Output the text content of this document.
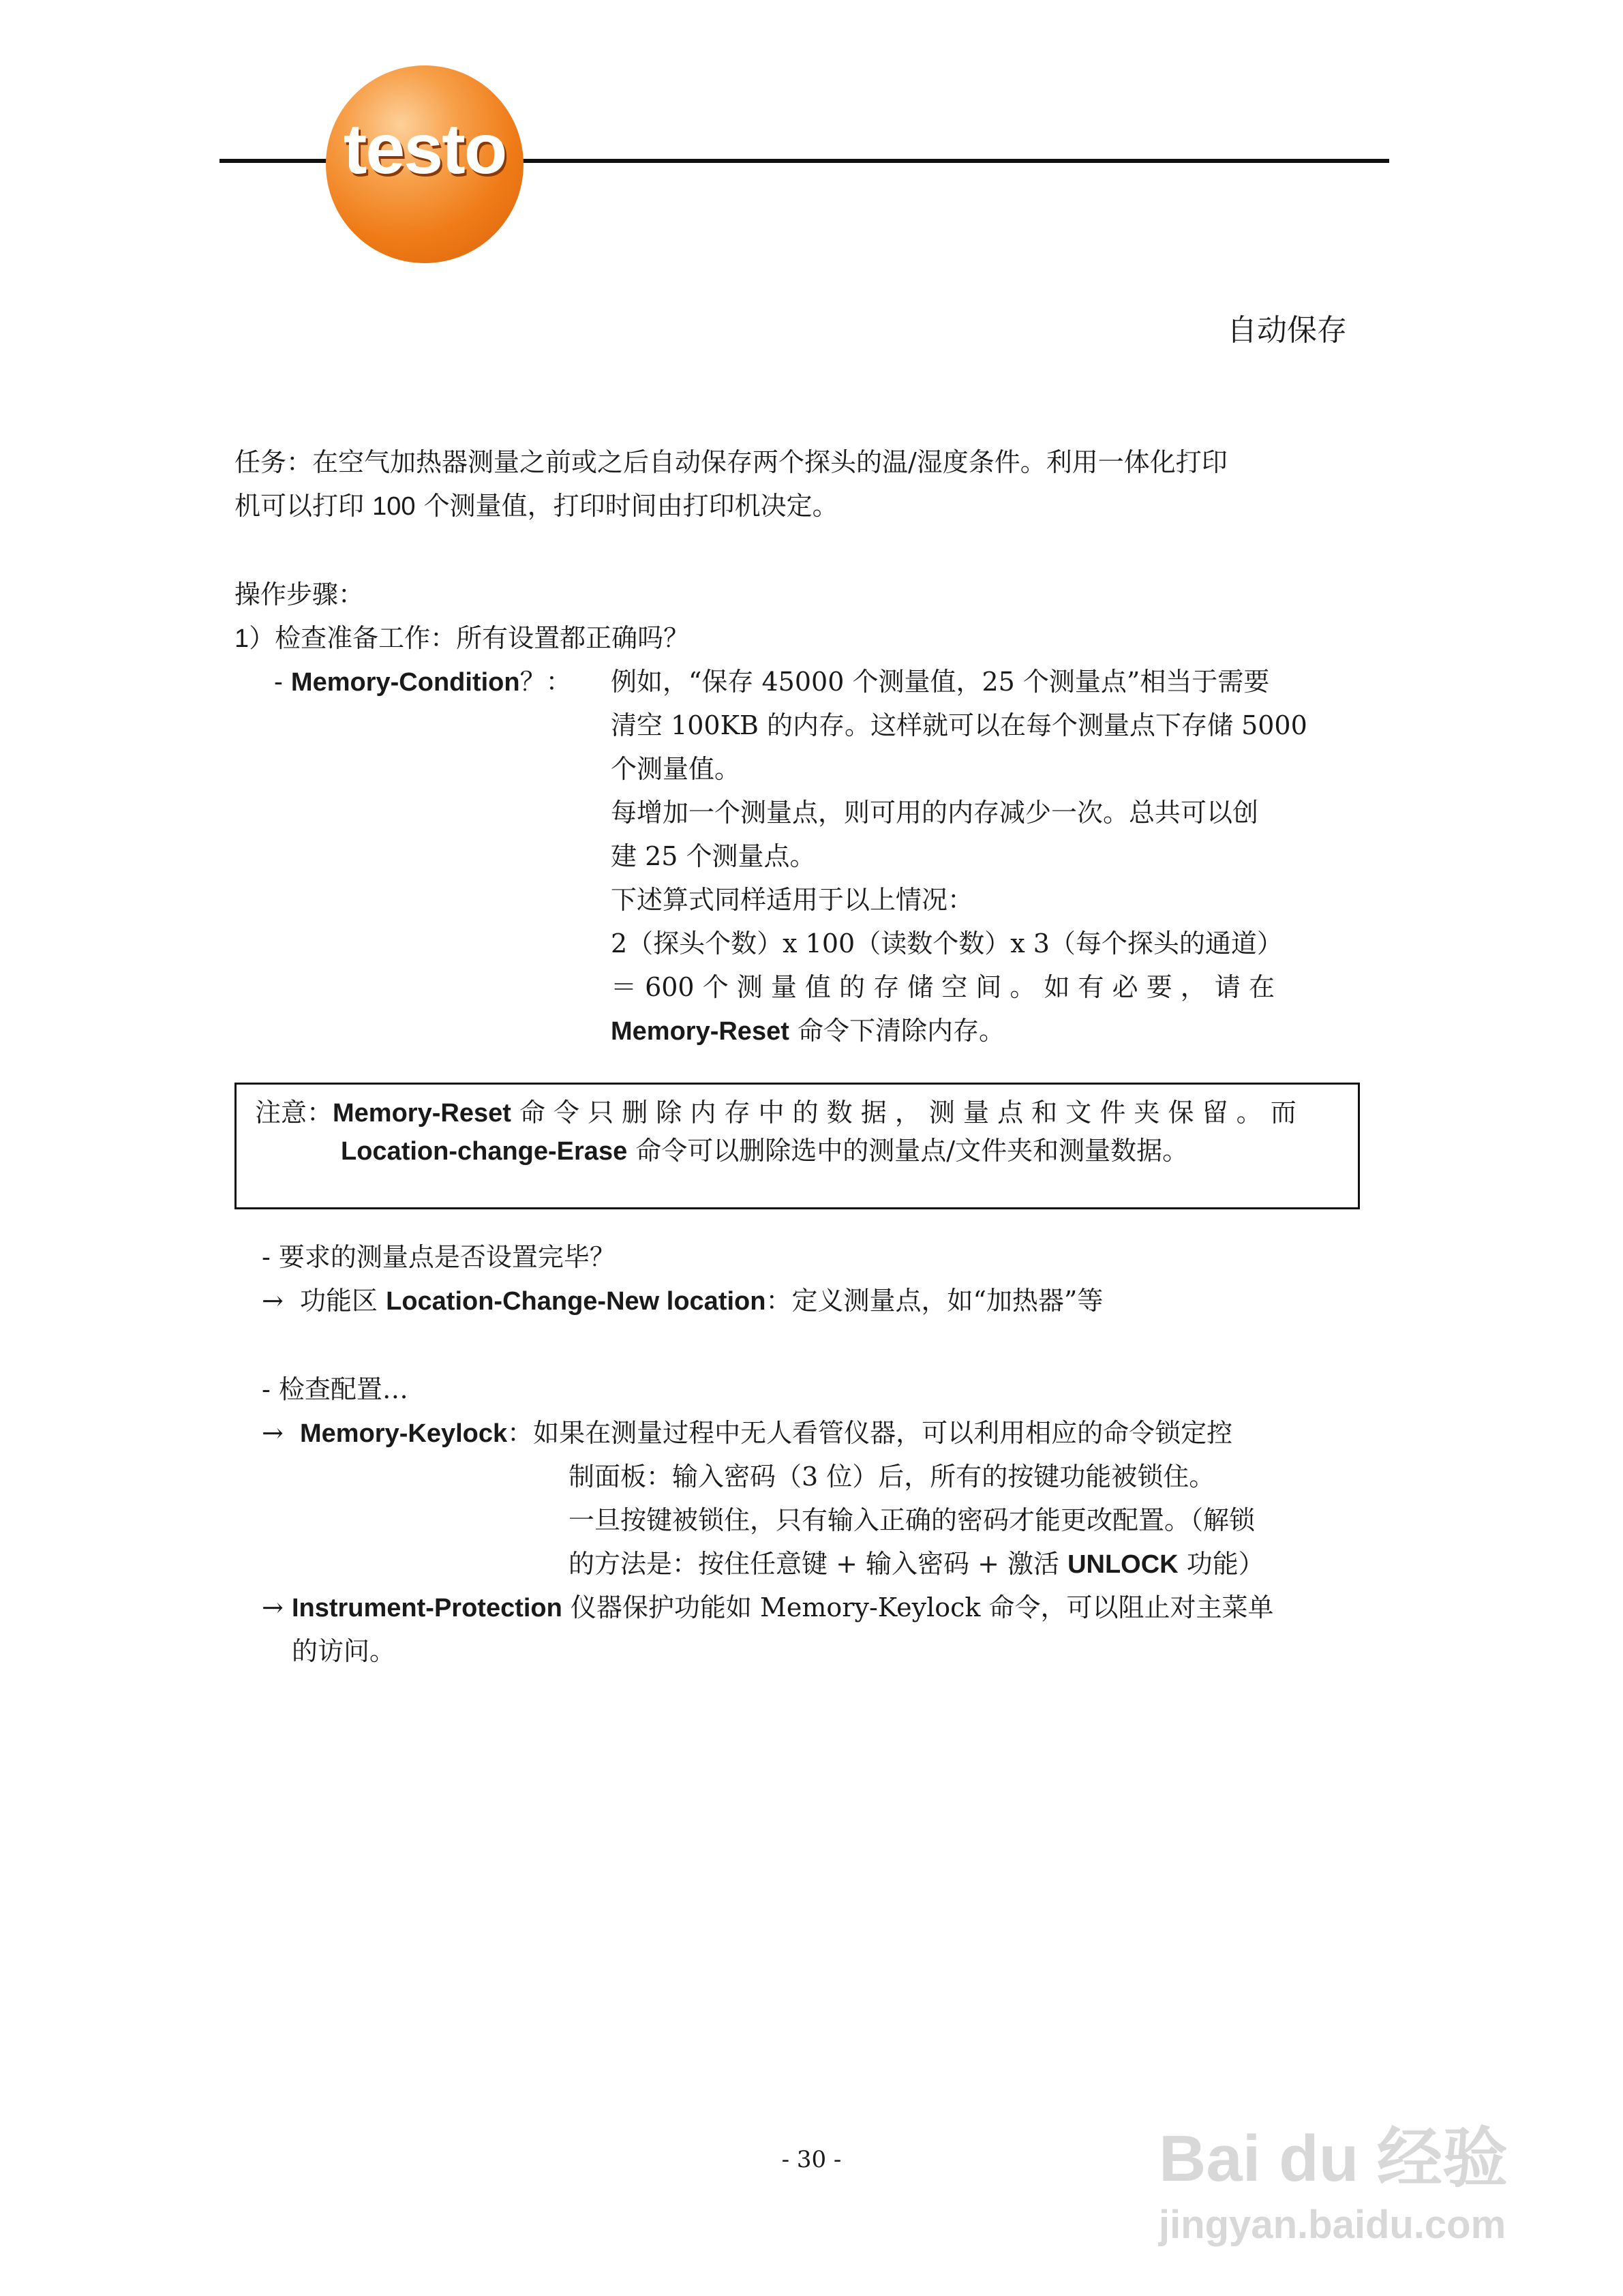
testo
自动保存
任务：在空气加热器测量之前或之后自动保存两个探头的温/湿度条件。利用一体化打印
机可以打印 100 个测量值，打印时间由打印机决定。
操作步骤：
1）检查准备工作：所有设置都正确吗？
- Memory-Condition？： 例如，“保存 45000 个测量值，25 个测量点”相当于需要
清空 100KB 的内存。这样就可以在每个测量点下存储 5000
个测量值。
每增加一个测量点，则可用的内存减少一次。总共可以创
建 25 个测量点。
下述算式同样适用于以上情况：
2（探头个数）x 100（读数个数）x 3（每个探头的通道）
＝ 600 个 测 量 值 的 存 储 空 间 。 如 有 必 要 ， 请 在
Memory-Reset 命令下清除内存。
注意：Memory-Reset 命 令 只 删 除 内 存 中 的 数 据 ， 测 量 点 和 文 件 夹 保 留 。 而
Location-change-Erase 命令可以删除选中的测量点/文件夹和测量数据。
- 要求的测量点是否设置完毕？
→ 功能区 Location-Change-New location：定义测量点，如“加热器”等
- 检查配置…
→ Memory-Keylock：如果在测量过程中无人看管仪器，可以利用相应的命令锁定控
制面板：输入密码（3 位）后，所有的按键功能被锁住。
一旦按键被锁住，只有输入正确的密码才能更改配置。（解锁
的方法是：按住任意键 + 输入密码 + 激活 UNLOCK 功能）
→ Instrument-Protection 仪器保护功能如 Memory-Keylock 命令，可以阻止对主菜单
的访问。
- 30 -	Bai du 经验
jingyan.baidu.com
